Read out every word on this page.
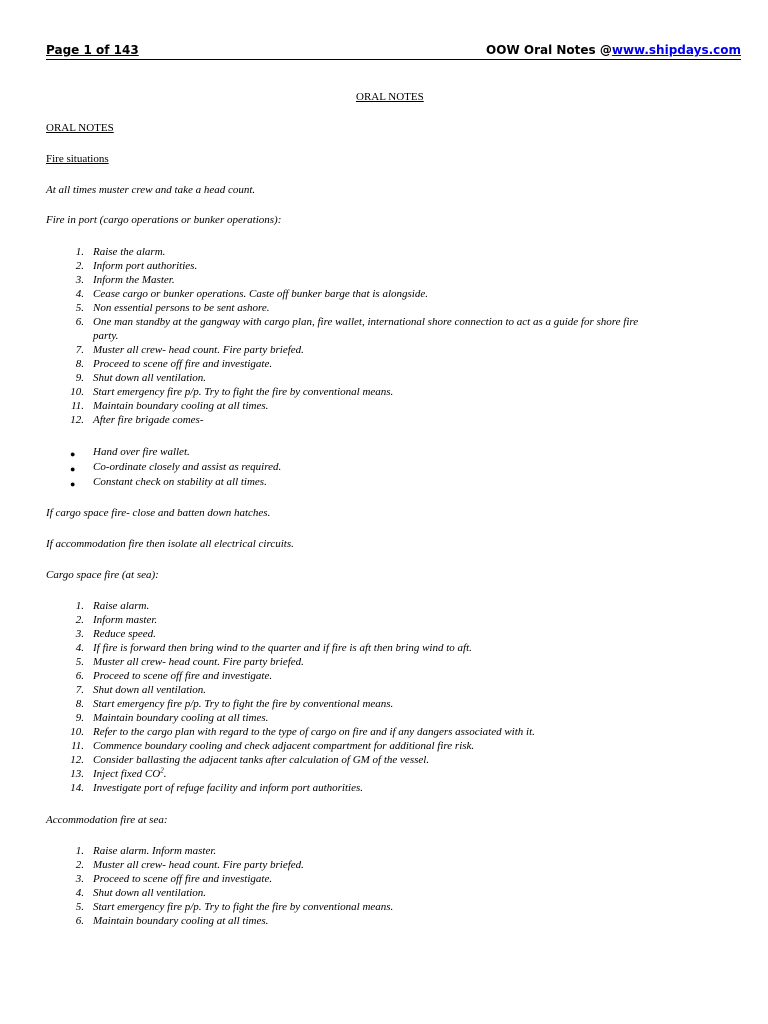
Page 1 of 143	OOW Oral Notes @www.shipdays.com
ORAL NOTES
ORAL NOTES
Fire situations
At all times muster crew and take a head count.
Fire in port (cargo operations or bunker operations):
1. Raise the alarm.
2. Inform port authorities.
3. Inform the Master.
4. Cease cargo or bunker operations. Caste off bunker barge that is alongside.
5. Non essential persons to be sent ashore.
6. One man standby at the gangway with cargo plan, fire wallet, international shore connection to act as a guide for shore fire
party.
7. Muster all crew- head count. Fire party briefed.
8. Proceed to scene off fire and investigate.
9. Shut down all ventilation.
10. Start emergency fire p/p. Try to fight the fire by conventional means.
11. Maintain boundary cooling at all times.
12. After fire brigade comes-
● Hand over fire wallet.
● Co-ordinate closely and assist as required.
● Constant check on stability at all times.
If cargo space fire- close and batten down hatches.
If accommodation fire then isolate all electrical circuits.
Cargo space fire (at sea):
1. Raise alarm.
2. Inform master.
3. Reduce speed.
4. If fire is forward then bring wind to the quarter and if fire is aft then bring wind to aft.
5. Muster all crew- head count. Fire party briefed.
6. Proceed to scene off fire and investigate.
7. Shut down all ventilation.
8. Start emergency fire p/p. Try to fight the fire by conventional means.
9. Maintain boundary cooling at all times.
10. Refer to the cargo plan with regard to the type of cargo on fire and if any dangers associated with it.
11. Commence boundary cooling and check adjacent compartment for additional fire risk.
12. Consider ballasting the adjacent tanks after calculation of GM of the vessel.
13. Inject fixed $CO^2$.
14. Investigate port of refuge facility and inform port authorities.
Accommodation fire at sea:
1. Raise alarm. Inform master.
2. Muster all crew- head count. Fire party briefed.
3. Proceed to scene off fire and investigate.
4. Shut down all ventilation.
5. Start emergency fire p/p. Try to fight the fire by conventional means.
6. Maintain boundary cooling at all times.
